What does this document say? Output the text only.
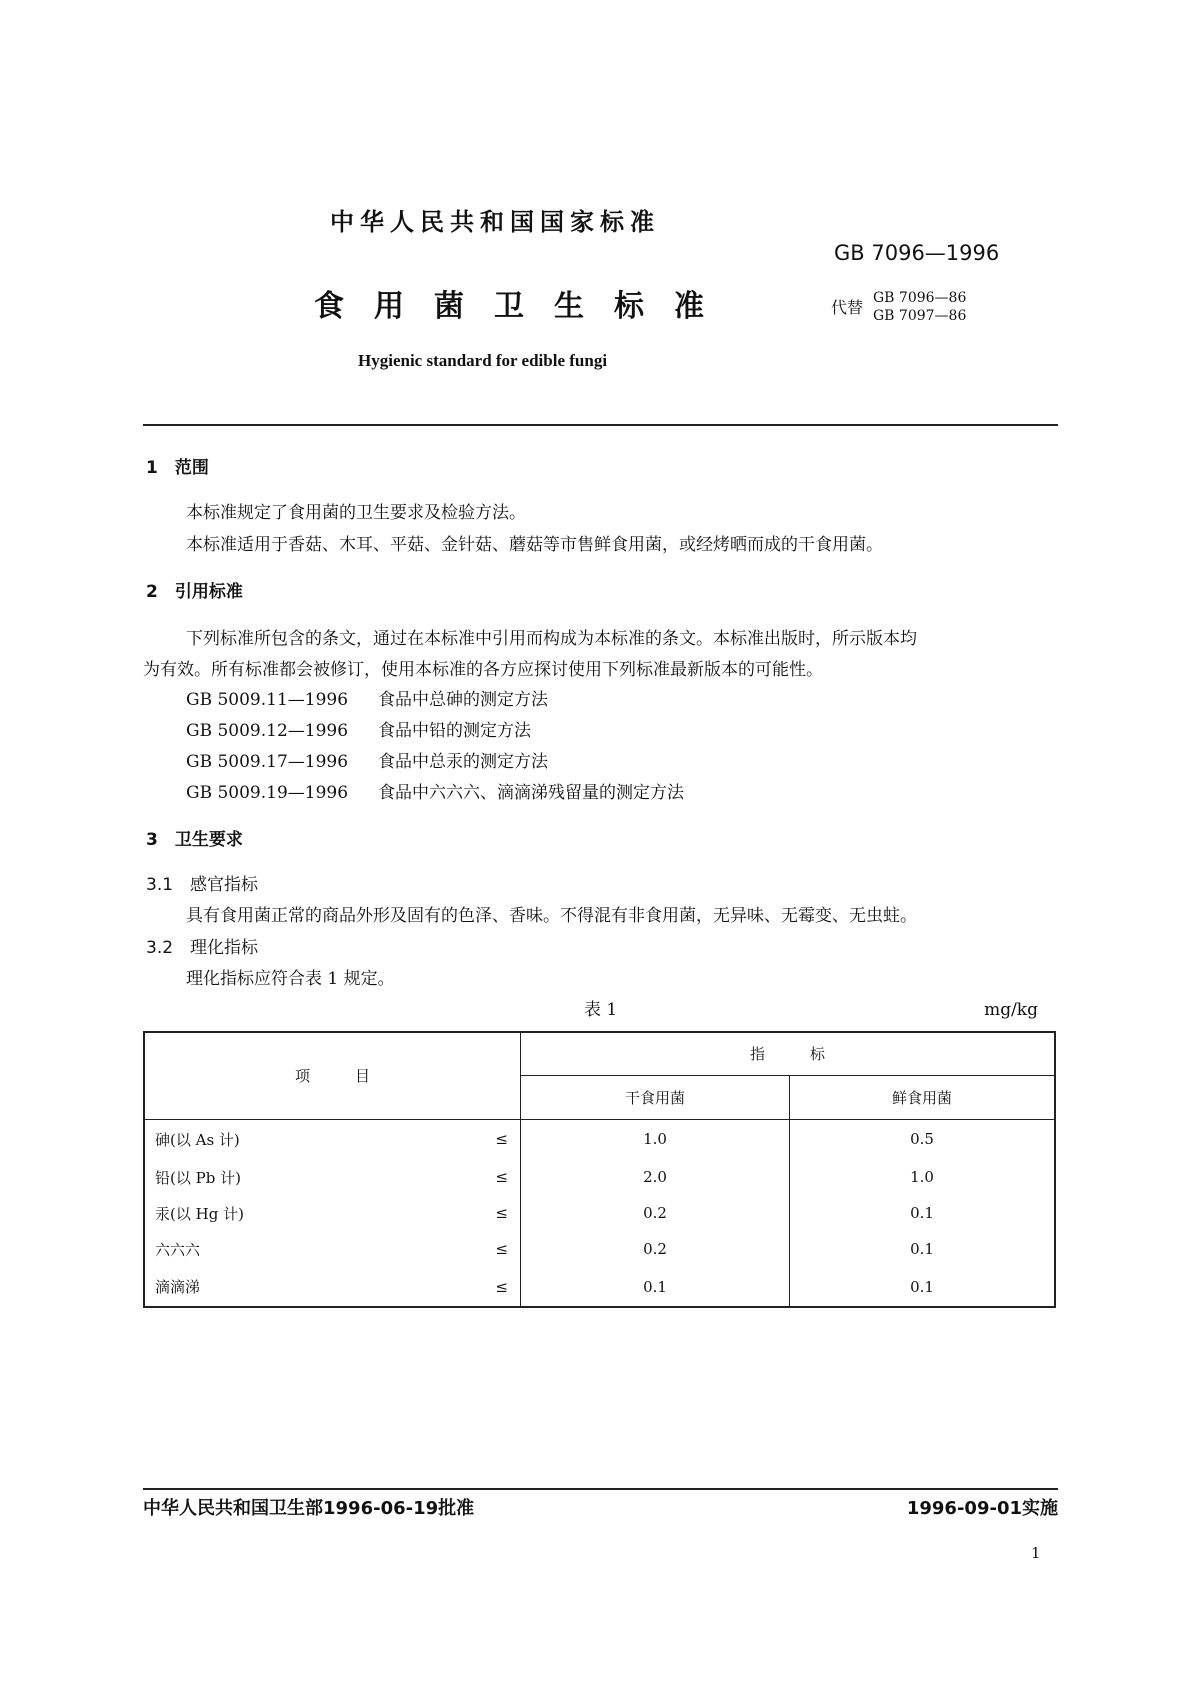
中华人民共和国国家标准
GB 7096—1996
食用菌卫生标准	代替 GB 7096—86
GB 7097—86
Hygienic standard for edible fungi
1　范围
本标准规定了食用菌的卫生要求及检验方法。
本标准适用于香菇、木耳、平菇、金针菇、蘑菇等市售鲜食用菌，或经烤晒而成的干食用菌。
2　引用标准
下列标准所包含的条文，通过在本标准中引用而构成为本标准的条文。本标准出版时，所示版本均
为有效。所有标准都会被修订，使用本标准的各方应探讨使用下列标准最新版本的可能性。
GB 5009.11—1996 食品中总砷的测定方法
GB 5009.12—1996 食品中铅的测定方法
GB 5009.17—1996 食品中总汞的测定方法
GB 5009.19—1996 食品中六六六、滴滴涕残留量的测定方法
3　卫生要求
3.1　感官指标
具有食用菌正常的商品外形及固有的色泽、香味。不得混有非食用菌，无异味、无霉变、无虫蛀。
3.2　理化指标
理化指标应符合表 1 规定。
表 1	mg/kg
项　　　目	指　　　标	
	干食用菌	鲜食用菌
砷(以 As 计) ≤	1.0	0.5
铅(以 Pb 计) ≤	2.0	1.0
汞(以 Hg 计) ≤	0.2	0.1
六六六 ≤	0.2	0.1
滴滴涕 ≤	0.1	0.1
中华人民共和国卫生部1996-06-19批准	1996-09-01实施
1
